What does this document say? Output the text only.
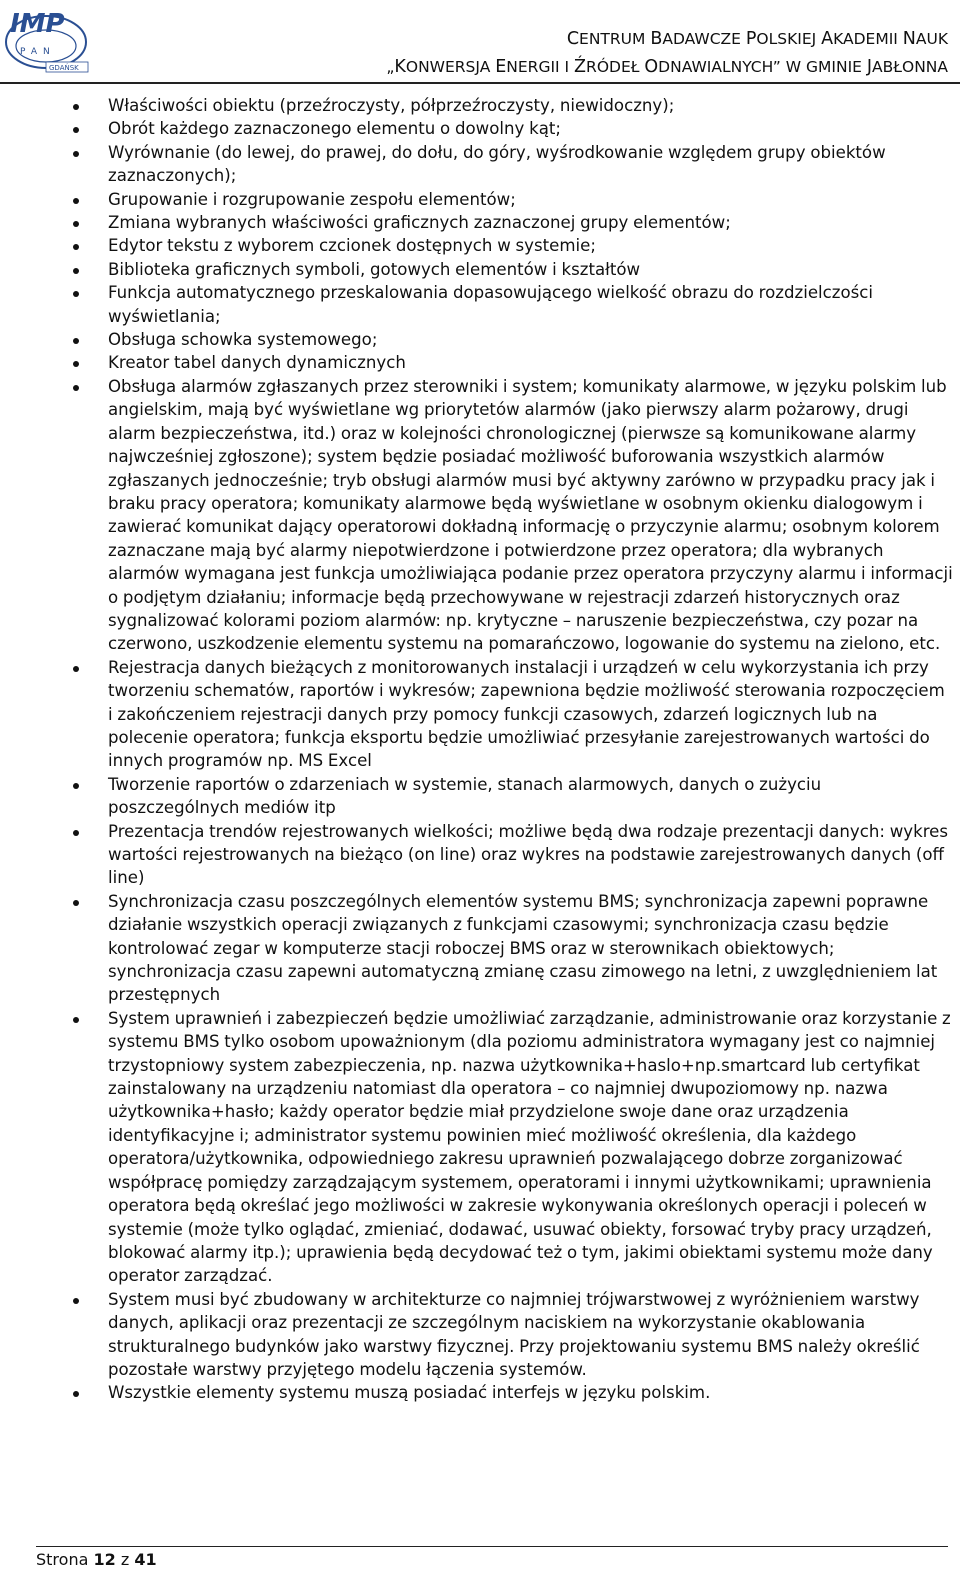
IMP
PAN
GDAŃSK
CENTRUM BADAWCZE POLSKIEJ AKADEMII NAUK
„KONWERSJA ENERGII I ŹRÓDEŁ ODNAWIALNYCH” W GMINIE JABŁONNA
Właściwości obiektu (przeźroczysty, półprzeźroczysty, niewidoczny);
Obrót każdego zaznaczonego elementu o dowolny kąt;
Wyrównanie (do lewej, do prawej, do dołu, do góry, wyśrodkowanie względem grupy obiektów zaznaczonych);
Grupowanie i rozgrupowanie zespołu elementów;
Zmiana wybranych właściwości graficznych zaznaczonej grupy elementów;
Edytor tekstu z wyborem czcionek dostępnych w systemie;
Biblioteka graficznych symboli, gotowych elementów i kształtów
Funkcja automatycznego przeskalowania dopasowującego wielkość obrazu do rozdzielczości wyświetlania;
Obsługa schowka systemowego;
Kreator tabel danych dynamicznych
Obsługa alarmów zgłaszanych przez sterowniki i system; komunikaty alarmowe, w języku polskim lub angielskim, mają być wyświetlane wg priorytetów alarmów (jako pierwszy alarm pożarowy, drugi alarm bezpieczeństwa, itd.) oraz w kolejności chronologicznej (pierwsze są komunikowane alarmy najwcześniej zgłoszone); system będzie posiadać możliwość buforowania wszystkich alarmów zgłaszanych jednocześnie; tryb obsługi alarmów musi być aktywny zarówno w przypadku pracy jak i braku pracy operatora; komunikaty alarmowe będą wyświetlane w osobnym okienku dialogowym i zawierać komunikat dający operatorowi dokładną informację o przyczynie alarmu; osobnym kolorem zaznaczane mają być alarmy niepotwierdzone i potwierdzone przez operatora; dla wybranych alarmów wymagana jest funkcja umożliwiająca podanie przez operatora przyczyny alarmu i informacji o podjętym działaniu; informacje będą przechowywane w rejestracji zdarzeń historycznych oraz sygnalizować kolorami poziom alarmów: np. krytyczne – naruszenie bezpieczeństwa, czy pozar na czerwono, uszkodzenie elementu systemu na pomarańczowo, logowanie do systemu na zielono, etc.
Rejestracja danych bieżących z monitorowanych instalacji i urządzeń w celu wykorzystania ich przy tworzeniu schematów, raportów i wykresów; zapewniona będzie możliwość sterowania rozpoczęciem i zakończeniem rejestracji danych przy pomocy funkcji czasowych, zdarzeń logicznych lub na polecenie operatora; funkcja eksportu będzie umożliwiać przesyłanie zarejestrowanych wartości do innych programów np. MS Excel
Tworzenie raportów o zdarzeniach w systemie, stanach alarmowych, danych o zużyciu poszczególnych mediów itp
Prezentacja trendów rejestrowanych wielkości; możliwe będą dwa rodzaje prezentacji danych: wykres wartości rejestrowanych na bieżąco (on line) oraz wykres na podstawie zarejestrowanych danych (off line)
Synchronizacja czasu poszczególnych elementów systemu BMS; synchronizacja zapewni poprawne działanie wszystkich operacji związanych z funkcjami czasowymi; synchronizacja czasu będzie kontrolować zegar w komputerze stacji roboczej BMS oraz w sterownikach obiektowych; synchronizacja czasu zapewni automatyczną zmianę czasu zimowego na letni, z uwzględnieniem lat przestępnych
System uprawnień i zabezpieczeń będzie umożliwiać zarządzanie, administrowanie oraz korzystanie z systemu BMS tylko osobom upoważnionym (dla poziomu administratora wymagany jest co najmniej trzystopniowy system zabezpieczenia, np. nazwa użytkownika+haslo+np.smartcard lub certyfikat zainstalowany na urządzeniu natomiast dla operatora – co najmniej dwupoziomowy np. nazwa użytkownika+hasło; każdy operator będzie miał przydzielone swoje dane oraz urządzenia identyfikacyjne i; administrator systemu powinien mieć możliwość określenia, dla każdego operatora/użytkownika, odpowiedniego zakresu uprawnień pozwalającego dobrze zorganizować współpracę pomiędzy zarządzającym systemem, operatorami i innymi użytkownikami; uprawnienia operatora będą określać jego możliwości w zakresie wykonywania określonych operacji i poleceń w systemie (może tylko oglądać, zmieniać, dodawać, usuwać obiekty, forsować tryby pracy urządzeń, blokować alarmy itp.); uprawienia będą decydować też o tym, jakimi obiektami systemu może dany operator zarządzać.
System musi być zbudowany w architekturze co najmniej trójwarstwowej z wyróżnieniem warstwy danych, aplikacji oraz prezentacji ze szczególnym naciskiem na wykorzystanie okablowania strukturalnego budynków jako warstwy fizycznej. Przy projektowaniu systemu BMS należy określić pozostałe warstwy przyjętego modelu łączenia systemów.
Wszystkie elementy systemu muszą posiadać interfejs w języku polskim.
Strona 12 z 41
